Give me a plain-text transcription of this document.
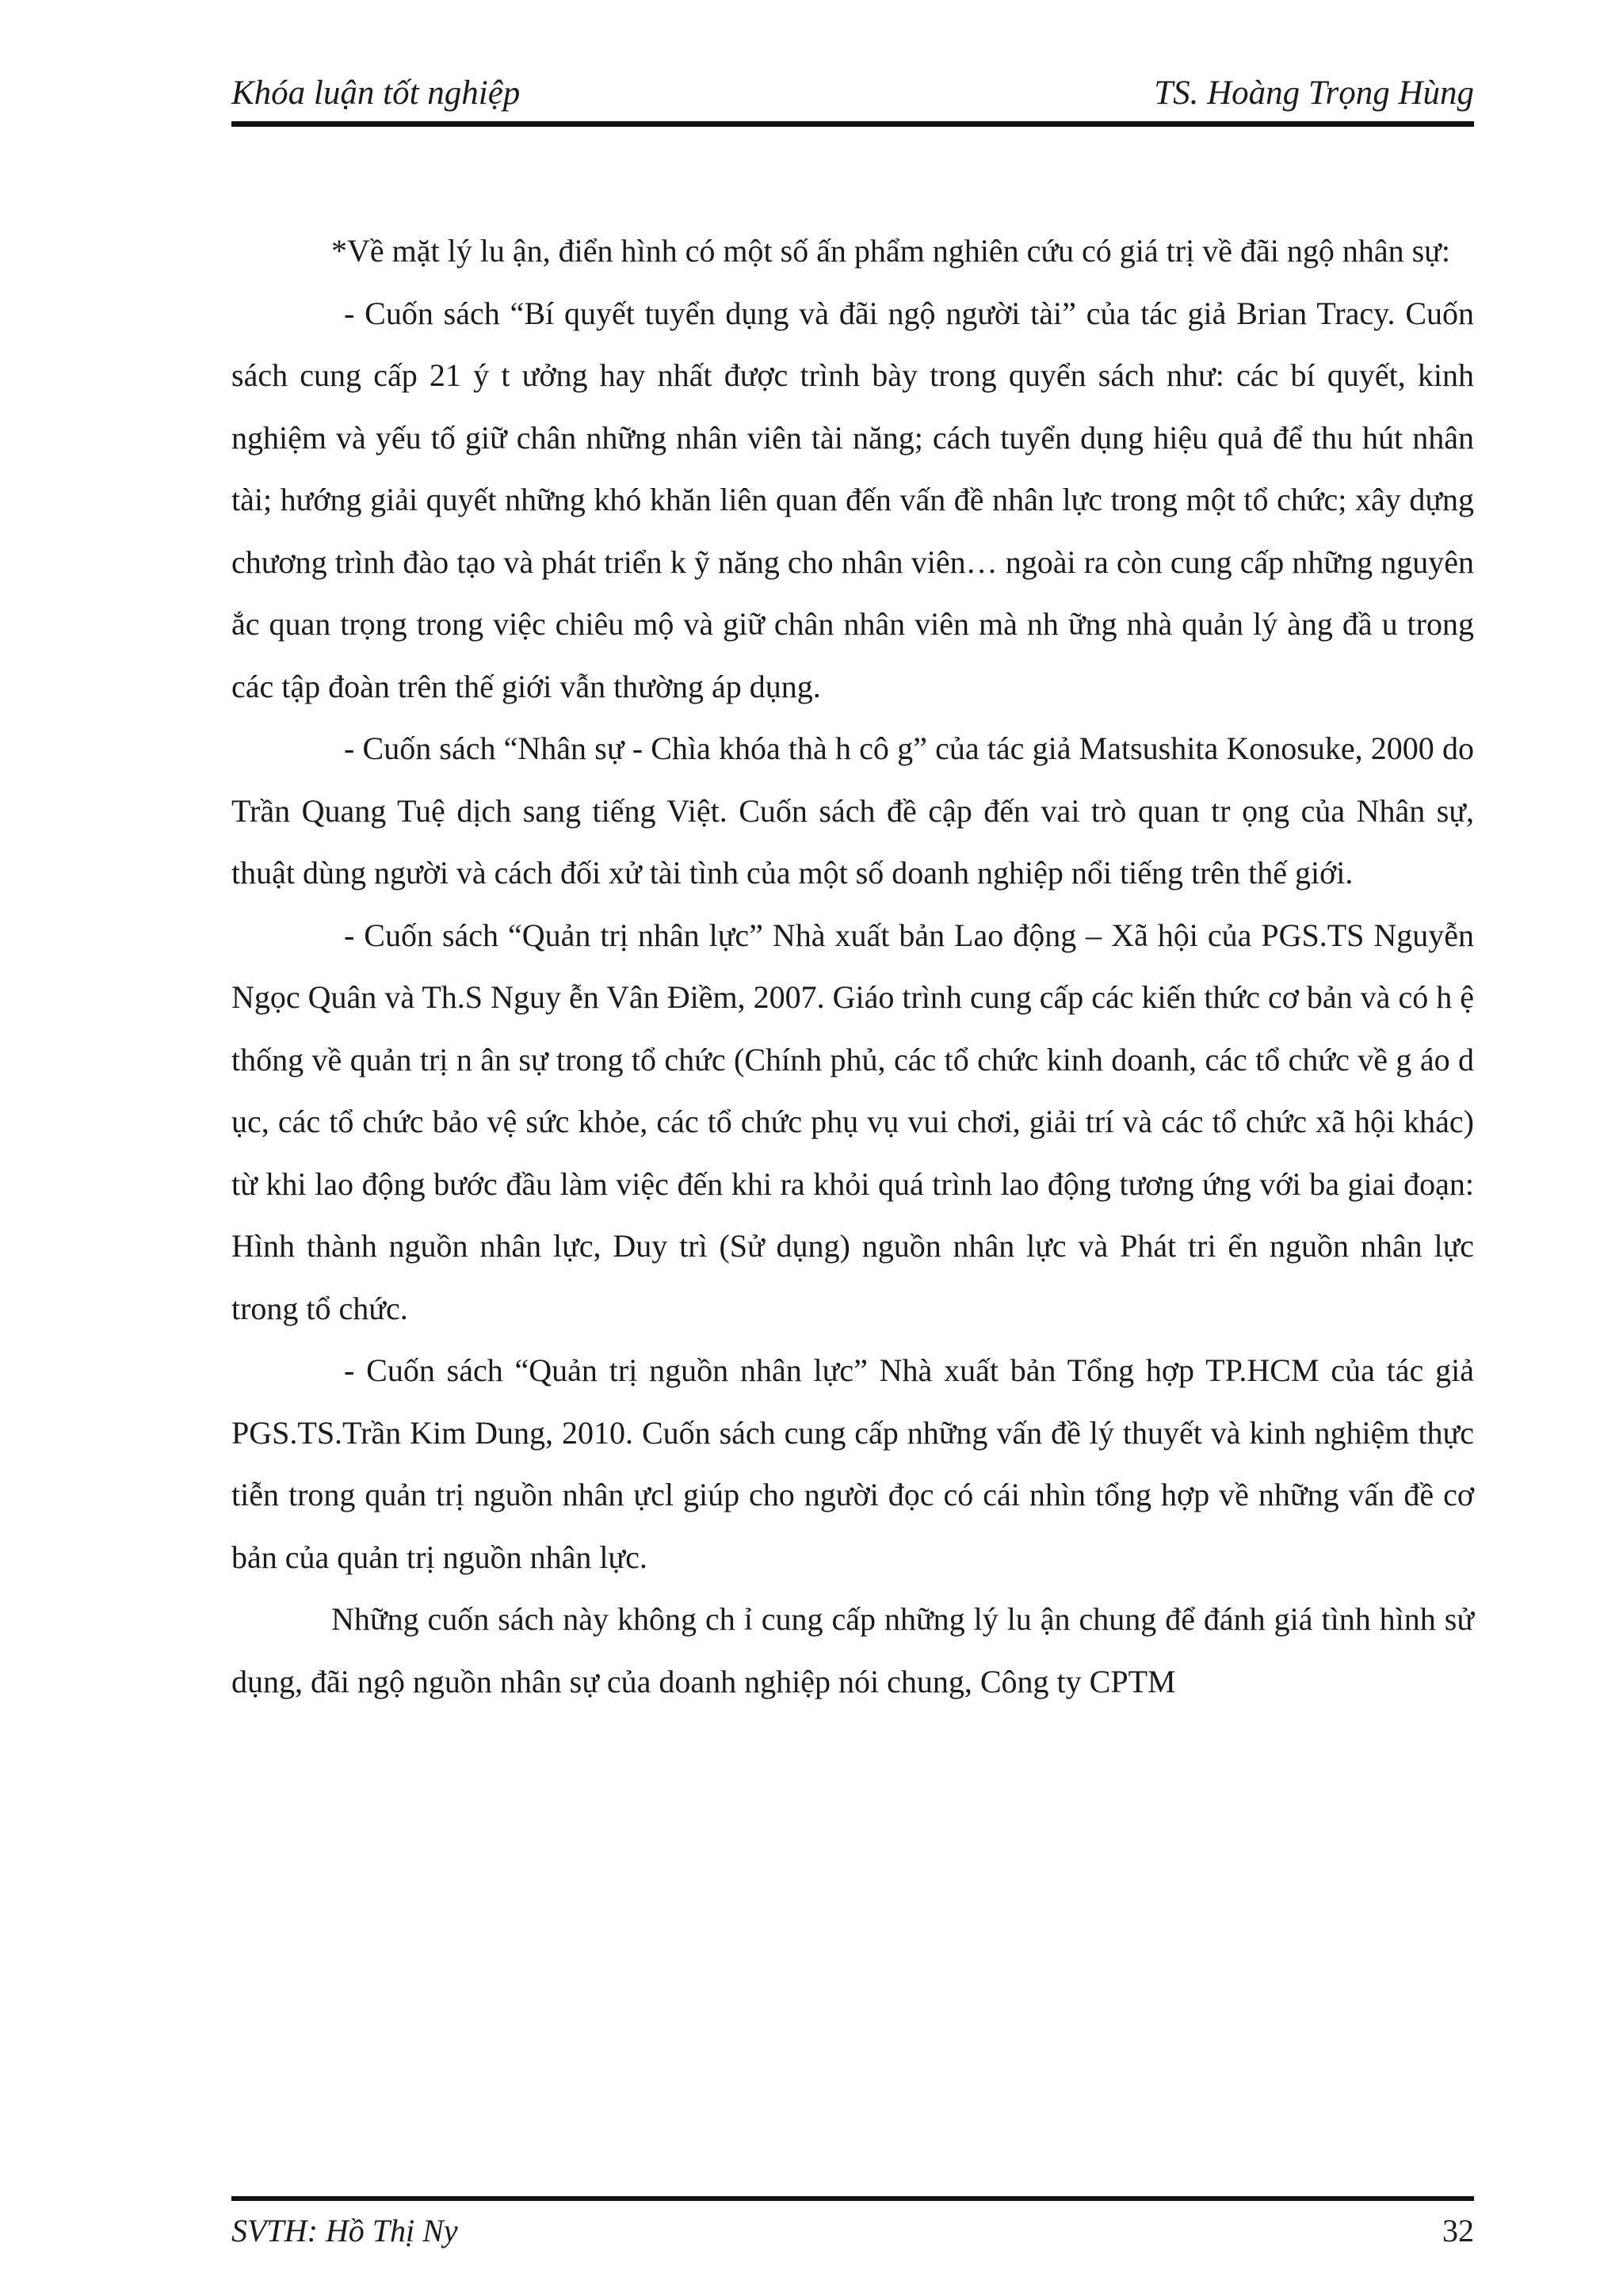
Khóa luận tốt nghiệp	TS. Hoàng Trọng Hùng

*Về mặt lý lu ận, điển hình có một số ấn phẩm nghiên cứu có giá trị về đãi ngộ nhân sự:

- Cuốn sách “Bí quyết tuyển dụng và đãi ngộ người tài” của tác giả Brian Tracy. Cuốn sách cung cấp 21 ý t ưởng hay nhất được trình bày trong quyển sách như: các bí quyết, kinh nghiệm và yếu tố giữ chân những nhân viên tài năng; cách tuyển dụng hiệu quả để thu hút nhân tài; hướng giải quyết những khó khăn liên quan đến vấn đề nhân lực trong một tổ chức; xây dựng chương trình đào tạo và phát triển k ỹ năng cho nhân viên… ngoài ra còn cung cấp những nguyên ắc quan trọng trong việc chiêu mộ và giữ chân nhân viên mà nh ững nhà quản lý àng đầ u trong các tập đoàn trên thế giới vẫn thường áp dụng.

- Cuốn sách “Nhân sự - Chìa khóa thà h cô g” của tác giả Matsushita Konosuke, 2000 do Trần Quang Tuệ dịch sang tiếng Việt. Cuốn sách đề cập đến vai trò quan tr ọng của Nhân sự, thuật dùng người và cách đối xử tài tình của một số doanh nghiệp nổi tiếng trên thế giới.

- Cuốn sách “Quản trị nhân lực” Nhà xuất bản Lao động – Xã hội của PGS.TS Nguyễn Ngọc Quân và Th.S Nguy ễn Vân Điềm, 2007. Giáo trình cung cấp các kiến thức cơ bản và có h ệ thống về quản trị n ân sự trong tổ chức (Chính phủ, các tổ chức kinh doanh, các tổ chức về g áo d ục, các tổ chức bảo vệ sức khỏe, các tổ chức phụ vụ vui chơi, giải trí và các tổ chức xã hội khác) từ khi lao động bước đầu làm việc đến khi ra khỏi quá trình lao động tương ứng với ba giai đoạn: Hình thành nguồn nhân lực, Duy trì (Sử dụng) nguồn nhân lực và Phát tri ển nguồn nhân lực trong tổ chức.

- Cuốn sách “Quản trị nguồn nhân lực” Nhà xuất bản Tổng hợp TP.HCM của tác giả PGS.TS.Trần Kim Dung, 2010. Cuốn sách cung cấp những vấn đề lý thuyết và kinh nghiệm thực tiễn trong quản trị nguồn nhân ựcl giúp cho người đọc có cái nhìn tổng hợp về những vấn đề cơ bản của quản trị nguồn nhân lực.

Những cuốn sách này không ch ỉ cung cấp những lý lu ận chung để đánh giá tình hình sử dụng, đãi ngộ nguồn nhân sự của doanh nghiệp nói chung, Công ty CPTM

SVTH: Hồ Thị Ny	32
